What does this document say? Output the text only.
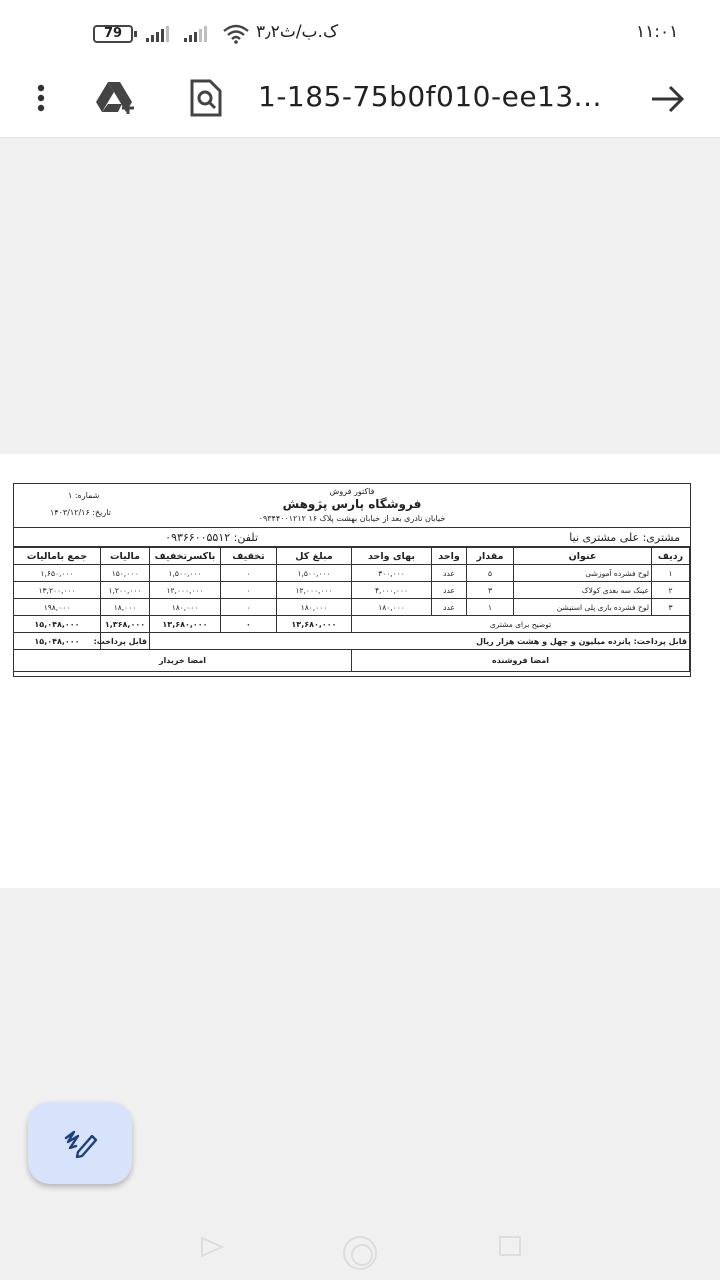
79	۳٫۲ک.ب/ث	۱۱:۰۱
1-185-75b0f010-ee13...
فاکتور فروش
فروشگاه پارس پژوهش
خیابان نادری بعد از خیابان بهشت پلاک ۱۶ ۰۹۳۴۴۰۰۱۲۱۲
شماره: ۱
تاریخ: ۱۴۰۳/۱۲/۱۶
مشتری: علی مشتری نیا
تلفن: ۰۹۳۶۶۰۰۵۵۱۲
ردیف	عنوان	مقدار	واحد	بهای واحد	مبلغ کل	تخفیف	باکسرتخفیف	مالیات	جمع بامالیات
۱	لوح فشرده آموزشی	۵	عدد	۳۰۰,۰۰۰	۱,۵۰۰,۰۰۰	۰	۱,۵۰۰,۰۰۰	۱۵۰,۰۰۰	۱,۶۵۰,۰۰۰
۲	عینک سه بعدی کولاک	۳	عدد	۴,۰۰۰,۰۰۰	۱۲,۰۰۰,۰۰۰	۰	۱۲,۰۰۰,۰۰۰	۱,۲۰۰,۰۰۰	۱۳,۲۰۰,۰۰۰
۳	لوح فشرده بازی پلی استیشن	۱	عدد	۱۸۰,۰۰۰	۱۸۰,۰۰۰	۰	۱۸۰,۰۰۰	۱۸,۰۰۰	۱۹۸,۰۰۰
توضیح برای مشتری					۱۳,۶۸۰,۰۰۰	۰	۱۳,۶۸۰,۰۰۰	۱,۳۶۸,۰۰۰	۱۵,۰۴۸,۰۰۰
قابل پرداخت: پانزده میلیون و چهل و هشت هزار ریال								قابل پرداخت:	۱۵,۰۴۸,۰۰۰
امضا فروشنده					امضا خریدار				
